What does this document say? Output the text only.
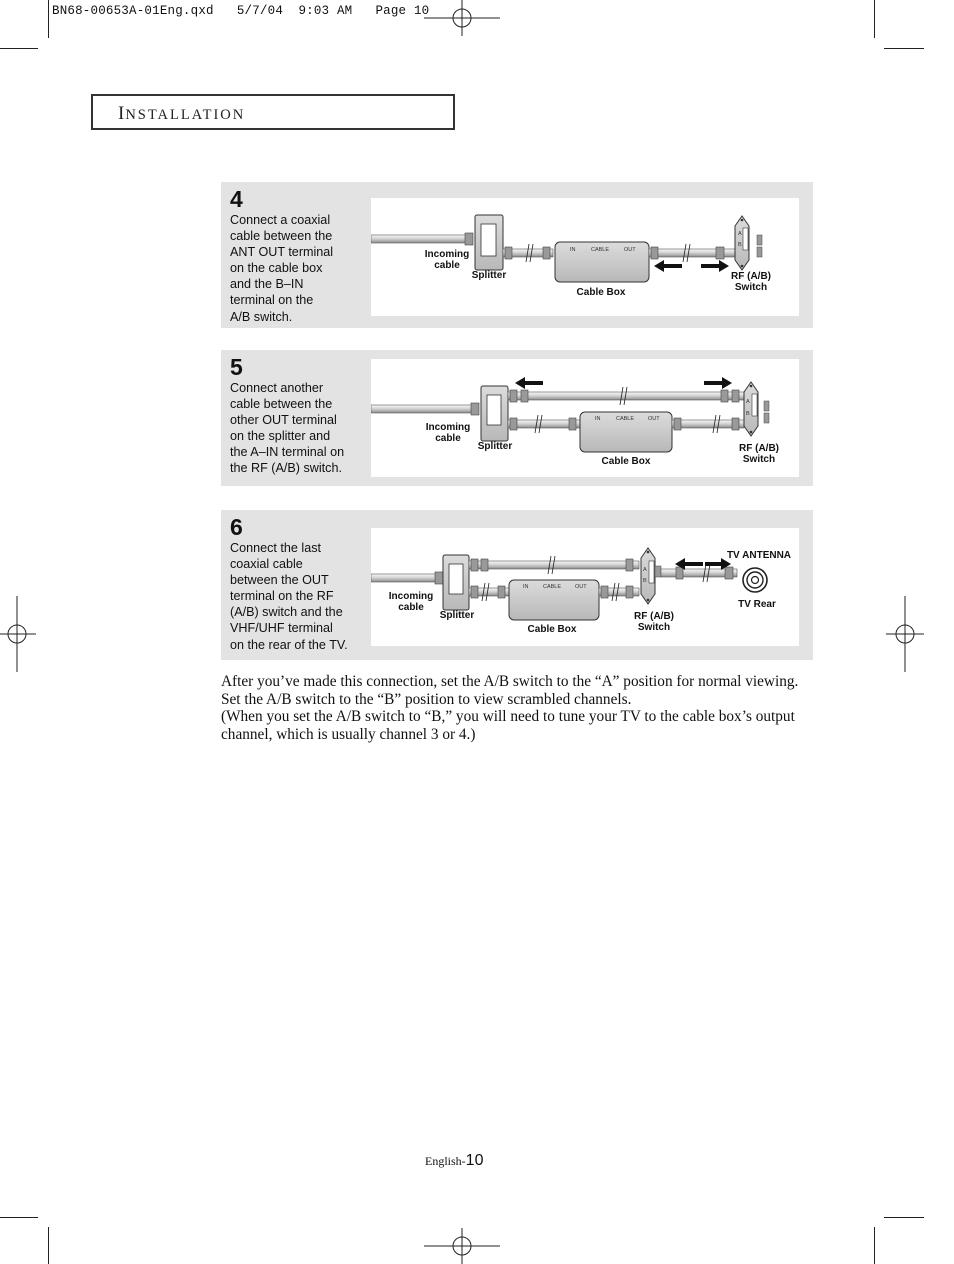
BN68-00653A-01Eng.qxd   5/7/04  9:03 AM   Page 10
INSTALLATION
4
Connect a coaxial
cable between the
ANT OUT terminal
on the cable box
and the B–IN
terminal on the
A/B switch.
IN	CABLE	OUT
A
B
Incoming
cable
Splitter
Cable Box
RF (A/B)
Switch
5
Connect another
cable between the
other OUT terminal
on the splitter and
the A–IN terminal on
the RF (A/B) switch.
IN	CABLE	OUT
A
B
Incoming
cable
Splitter
Cable Box
RF (A/B)
Switch
6
Connect the last
coaxial cable
between the OUT
terminal on the RF
(A/B) switch and the
VHF/UHF terminal
on the rear of the TV.
IN	CABLE	OUT
A
B
Incoming
cable
Splitter
Cable Box
RF (A/B)
Switch
TV ANTENNA
TV Rear

After you’ve made this connection, set the A/B switch to the “A” position for normal viewing. Set the A/B switch to the “B” position to view scrambled channels.

(When you set the A/B switch to “B,” you will need to tune your TV to the cable box’s output channel, which is usually channel 3 or 4.)

English-10
